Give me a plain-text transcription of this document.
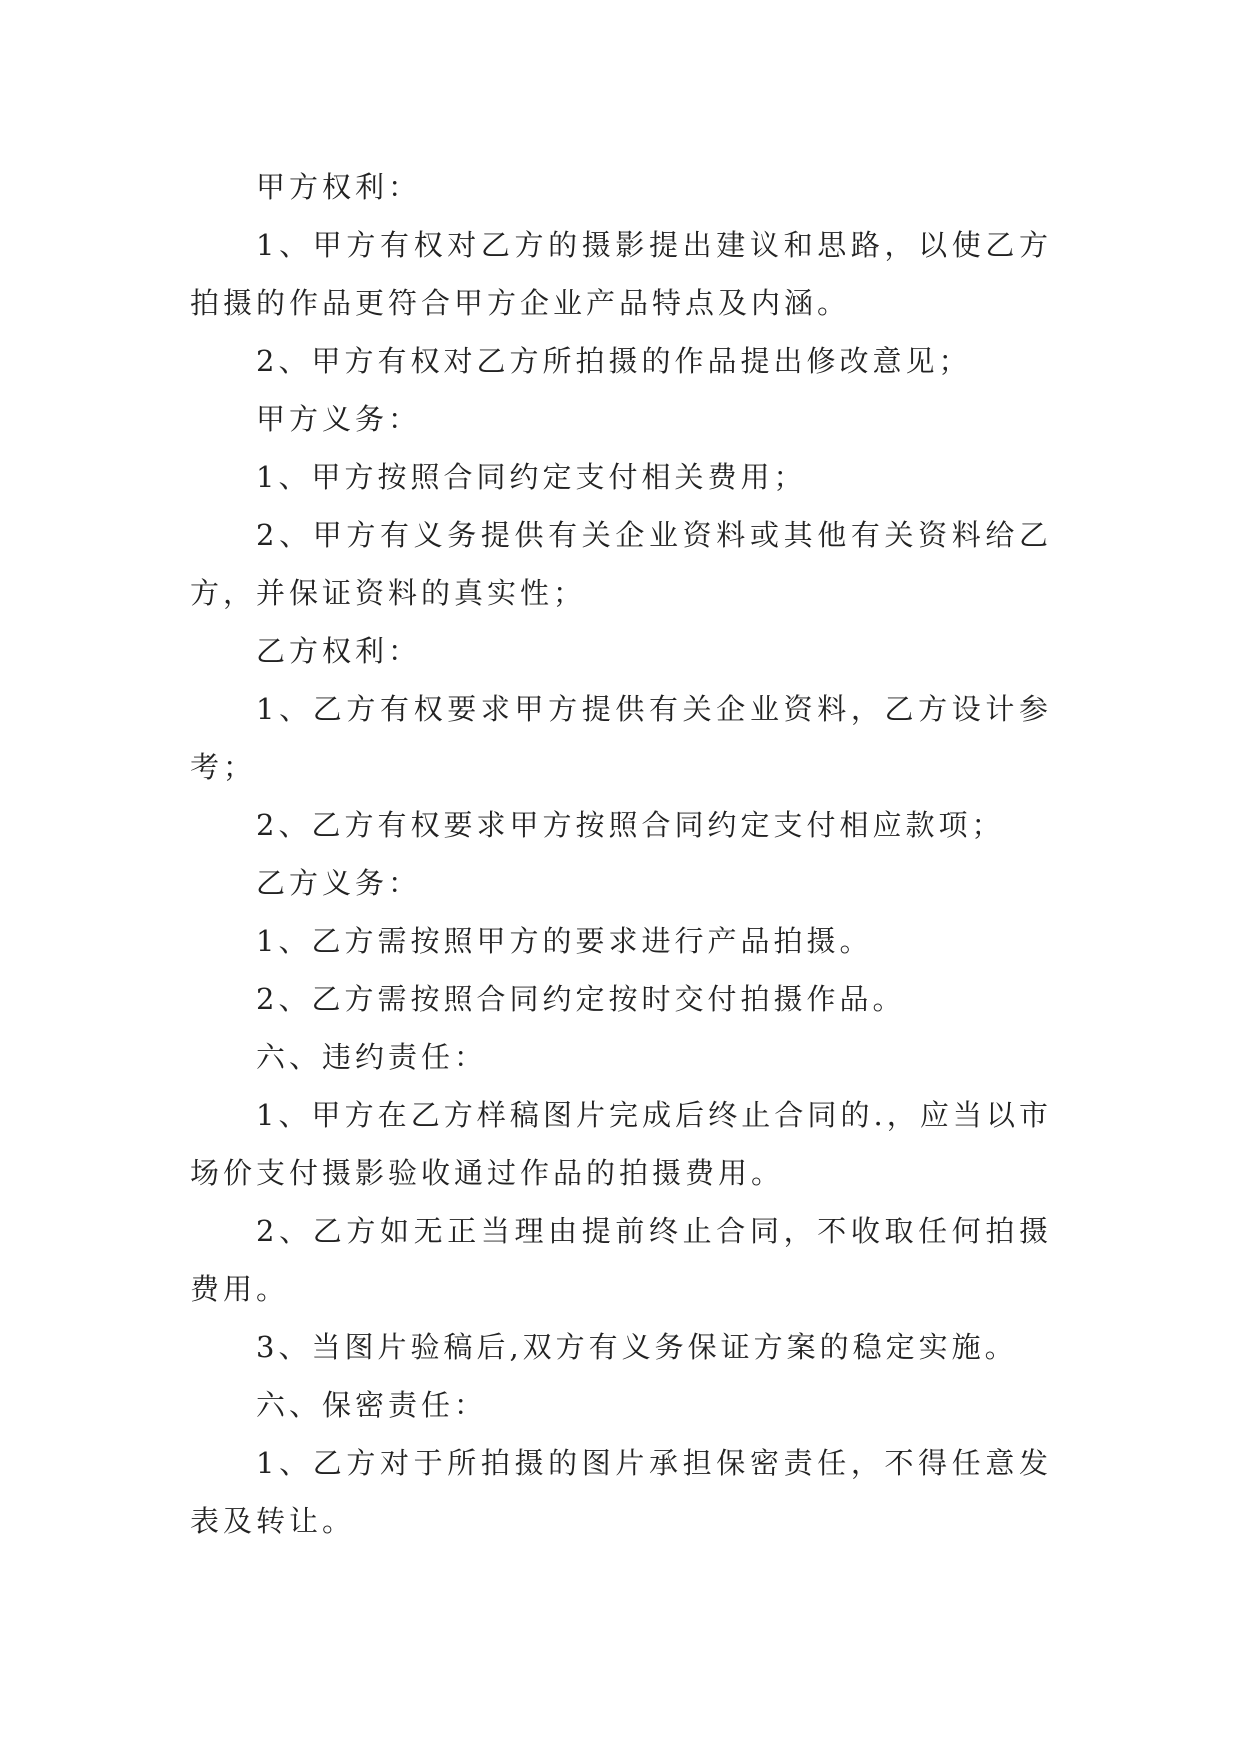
甲方权利：

1、甲方有权对乙方的摄影提出建议和思路，以使乙方拍摄的作品更符合甲方企业产品特点及内涵。

2、甲方有权对乙方所拍摄的作品提出修改意见；

甲方义务：

1、甲方按照合同约定支付相关费用；

2、甲方有义务提供有关企业资料或其他有关资料给乙方，并保证资料的真实性；

乙方权利：

1、乙方有权要求甲方提供有关企业资料，乙方设计参考；

2、乙方有权要求甲方按照合同约定支付相应款项；

乙方义务：

1、乙方需按照甲方的要求进行产品拍摄。

2、乙方需按照合同约定按时交付拍摄作品。

六、违约责任：

1、甲方在乙方样稿图片完成后终止合同的.，应当以市场价支付摄影验收通过作品的拍摄费用。

2、乙方如无正当理由提前终止合同，不收取任何拍摄费用。

3、当图片验稿后,双方有义务保证方案的稳定实施。

六、保密责任：

1、乙方对于所拍摄的图片承担保密责任，不得任意发表及转让。
